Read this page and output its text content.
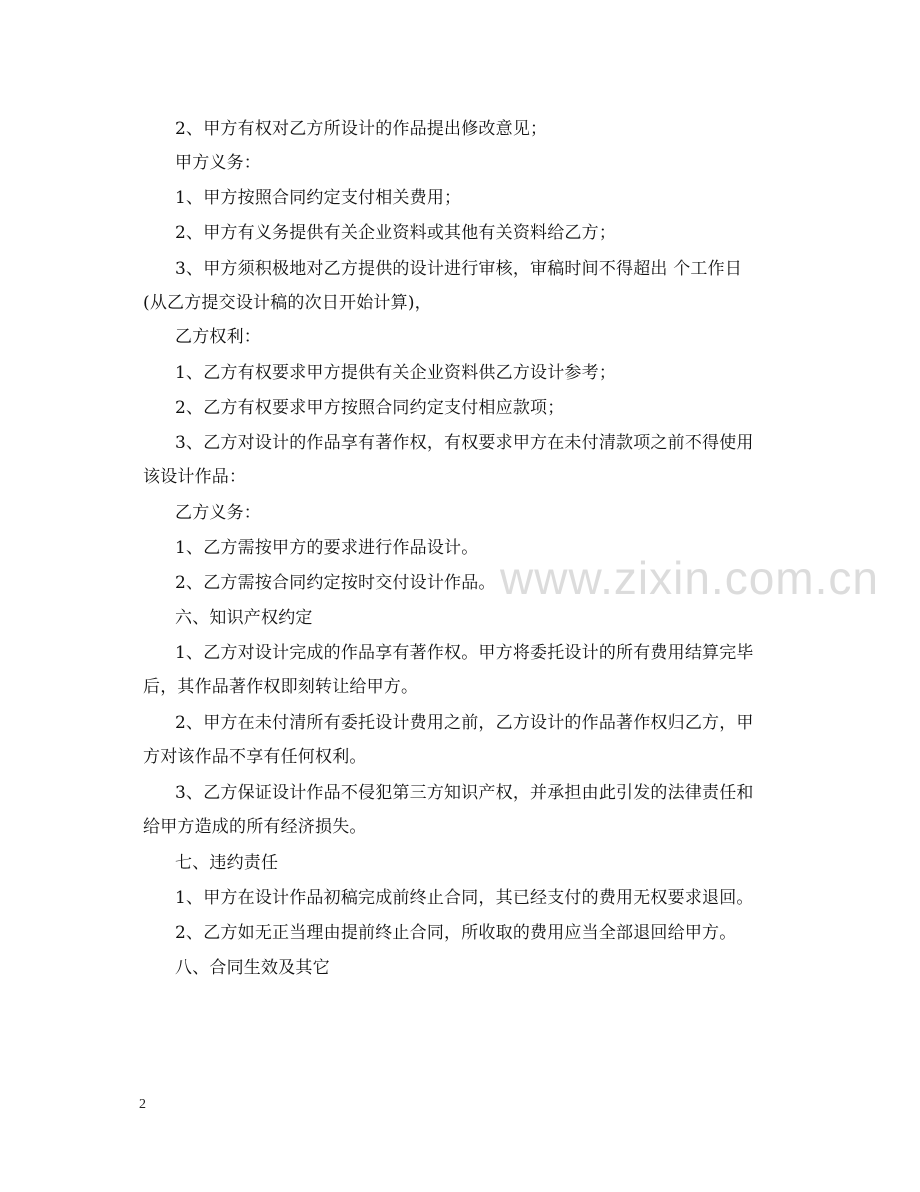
2、甲方有权对乙方所设计的作品提出修改意见；
甲方义务：
1、甲方按照合同约定支付相关费用；
2、甲方有义务提供有关企业资料或其他有关资料给乙方；
3、甲方须积极地对乙方提供的设计进行审核，审稿时间不得超出 个工作日
(从乙方提交设计稿的次日开始计算)，
乙方权利：
1、乙方有权要求甲方提供有关企业资料供乙方设计参考；
2、乙方有权要求甲方按照合同约定支付相应款项；
3、乙方对设计的作品享有著作权，有权要求甲方在未付清款项之前不得使用
该设计作品：
乙方义务：
1、乙方需按甲方的要求进行作品设计。
2、乙方需按合同约定按时交付设计作品。
六、知识产权约定
1、乙方对设计完成的作品享有著作权。甲方将委托设计的所有费用结算完毕
后，其作品著作权即刻转让给甲方。
2、甲方在未付清所有委托设计费用之前，乙方设计的作品著作权归乙方，甲
方对该作品不享有任何权利。
3、乙方保证设计作品不侵犯第三方知识产权，并承担由此引发的法律责任和
给甲方造成的所有经济损失。
七、违约责任
1、甲方在设计作品初稿完成前终止合同，其已经支付的费用无权要求退回。
2、乙方如无正当理由提前终止合同，所收取的费用应当全部退回给甲方。
八、合同生效及其它
www.zixin.com.cn
2
